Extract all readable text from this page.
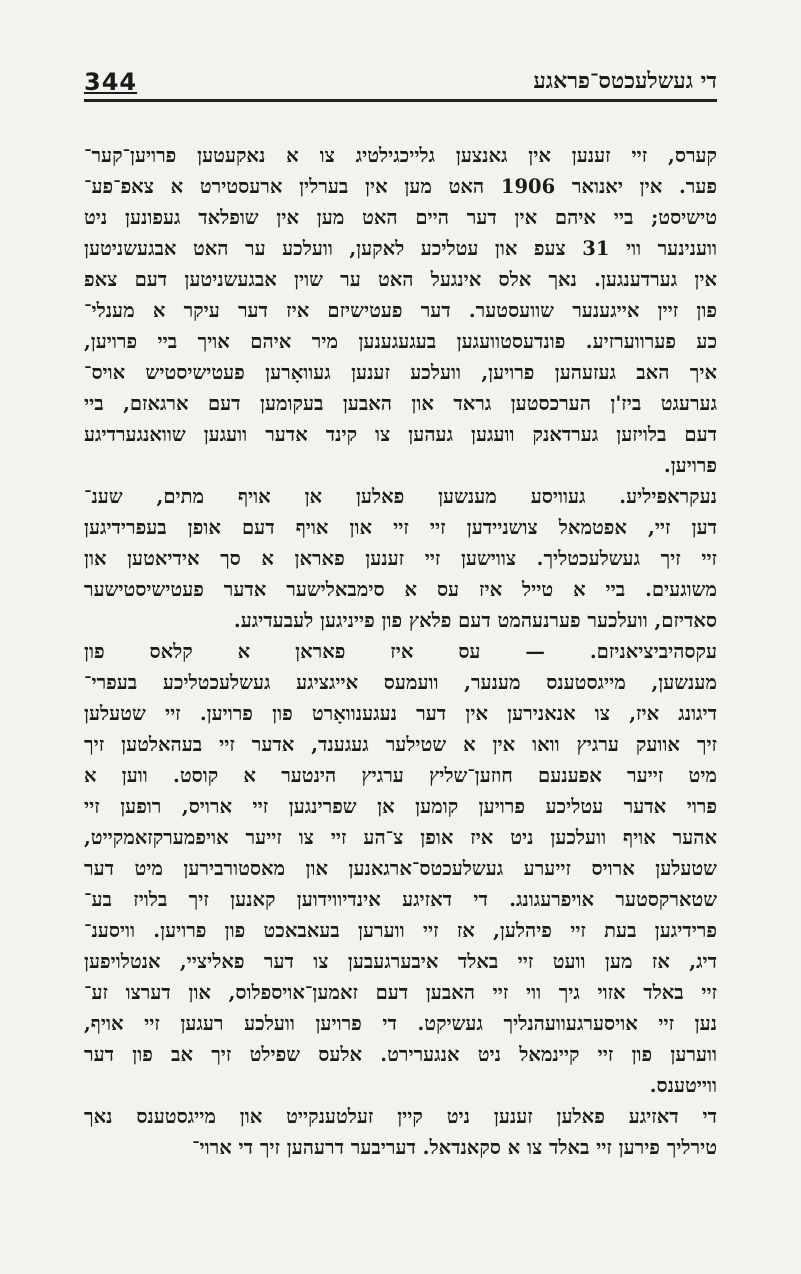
344	די געשלעכטס־פראגע
קערס, זיי זענען אין גאנצען גלייכגילטיג צו א נאקעטען פרויען־קער־
פער. אין יאנואר 1906 האט מען אין בערלין ארעסטירט א צאפ־פע־
טישיסט; ביי איהם אין דער היים האט מען אין שופלאד געפונען ניט
ווענינער ווי 31 צעפ און עטליכע לאקען, וועלכע ער האט אבגעשניטען
אין גערדענגען. נאך אלס אינגעל האט ער שוין אבגעשניטען דעם צאפ
פון זיין אייגענער שוועסטער. דער פעטישיזם איז דער עיקר א מענלי־
כע פערווערזיע. פונדעסטוועגען בעגעגענען מיר איהם אויך ביי פרויען,
איך האב געזעהען פרויען, וועלכע זענען געוואָרען פעטישיסטיש אויס־
גערעגט ביז'ן הערכסטען גראד און האבען בעקומען דעם ארגאזם, ביי
דעם בלויזען גערדאנק וועגען געהען צו קינד אדער וועגען שוואנגערדיגע
פרויען.
נעקראפיליע. געוויסע מענשען פאלען אן אויף מתים, שענ־
דען זיי, אפטמאל צושניידען זיי זיי און אויף דעם אופן בעפרידיגען
זיי זיך געשלעכטליך. צווישען זיי זענען פאראן א סך אידיאטען און
משוגעים. ביי א טייל איז עס א סימבאלישער אדער פעטישיסטישער
סאדיזם, וועלכער פערנעהמט דעם פלאץ פון פייניגען לעבעדיגע.
עקסהיביציאניזם. — עס איז פאראן א קלאס פון
מענשען, מייגסטענס מענער, וועמעס אייגציגע געשלעכטליכע בעפרי־
דיגונג איז, צו אנאנירען אין דער נעגענוואָרט פון פרויען. זיי שטעלען
זיך אוועק ערגיץ וואו אין א שטילער געגענד, אדער זיי בעהאלטען זיך
מיט זייער אפענעם חוזען־שליץ ערגיץ הינטער א קוסט. ווען א
פרוי אדער עטליכע פרויען קומען אן שפרינגען זיי ארויס, רופען זיי
אהער אויף וועלכען ניט איז אופן צ־הע זיי צו זייער אויפמערקזאמקייט,
שטעלען ארויס זייערע געשלעכטס־ארגאנען און מאסטורבירען מיט דער
שטארקסטער אויפרעגונג. די דאזיגע אינדיווידוען קאנען זיך בלויז בע־
פרידיגען בעת זיי פיהלען, אז זיי ווערען בעאבאכט פון פרויען. וויסענ־
דיג, אז מען וועט זיי באלד איבערגעבען צו דער פאליציי, אנטלויפען
זיי באלד אזוי גיך ווי זיי האבען דעם זאמען־אויספלוס, און דערצו זע־
נען זיי אויסערגעוועהנליך געשיקט. די פרויען וועלכע רעגען זיי אויף,
ווערען פון זיי קיינמאל ניט אנגערירט. אלעס שפילט זיך אב פון דער
ווייטענס.
די דאזיגע פאלען זענען ניט קיין זעלטענקייט און מייגסטענס נאך
טירליך פירען זיי באלד צו א סקאנדאל. דעריבער דרעהען זיך די ארוי־
